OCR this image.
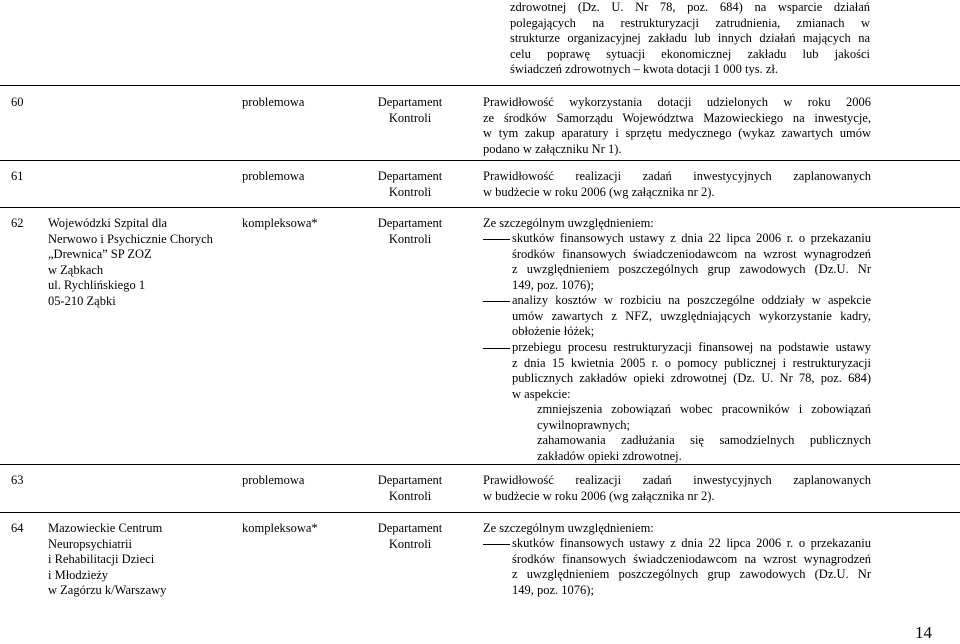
zdrowotnej (Dz. U. Nr 78, poz. 684) na wsparcie działań
polegających na restrukturyzacji zatrudnienia, zmianach w
strukturze organizacyjnej zakładu lub innych działań mających na
celu poprawę sytuacji ekonomicznej zakładu lub jakości
świadczeń zdrowotnych – kwota dotacji 1 000 tys. zł.
60	problemowa	Departament
Kontroli
Prawidłowość wykorzystania dotacji udzielonych w roku 2006
ze środków Samorządu Województwa Mazowieckiego na inwestycje,
w tym zakup aparatury i sprzętu medycznego (wykaz zawartych umów
podano w załączniku Nr 1).
61	problemowa	Departament
Kontroli
Prawidłowość realizacji zadań inwestycyjnych zaplanowanych
w budżecie w roku 2006 (wg załącznika nr 2).
62 Wojewódzki Szpital dla
Nerwowo i Psychicznie Chorych
„Drewnica” SP ZOZ
w Ząbkach
ul. Rychlińskiego 1
05-210 Ząbki
kompleksowa*	Departament
Kontroli
Ze szczególnym uwzględnieniem:
skutków finansowych ustawy z dnia 22 lipca 2006 r. o przekazaniu
środków finansowych świadczeniodawcom na wzrost wynagrodzeń
z uwzględnieniem poszczególnych grup zawodowych (Dz.U. Nr
149, poz. 1076);
analizy kosztów w rozbiciu na poszczególne oddziały w aspekcie
umów zawartych z NFZ, uwzględniających wykorzystanie kadry,
obłożenie łóżek;
przebiegu procesu restrukturyzacji finansowej na podstawie ustawy
z dnia 15 kwietnia 2005 r. o pomocy publicznej i restrukturyzacji
publicznych zakładów opieki zdrowotnej (Dz. U. Nr 78, poz. 684)
w aspekcie:
zmniejszenia zobowiązań wobec pracowników i zobowiązań
cywilnoprawnych;
zahamowania zadłużania się samodzielnych publicznych
zakładów opieki zdrowotnej.
63	problemowa	Departament
Kontroli
Prawidłowość realizacji zadań inwestycyjnych zaplanowanych
w budżecie w roku 2006 (wg załącznika nr 2).
64 Mazowieckie Centrum
Neuropsychiatrii
i Rehabilitacji Dzieci
i Młodzieży
w Zagórzu k/Warszawy
kompleksowa*	Departament
Kontroli
Ze szczególnym uwzględnieniem:
skutków finansowych ustawy z dnia 22 lipca 2006 r. o przekazaniu
środków finansowych świadczeniodawcom na wzrost wynagrodzeń
z uwzględnieniem poszczególnych grup zawodowych (Dz.U. Nr
149, poz. 1076);
14
